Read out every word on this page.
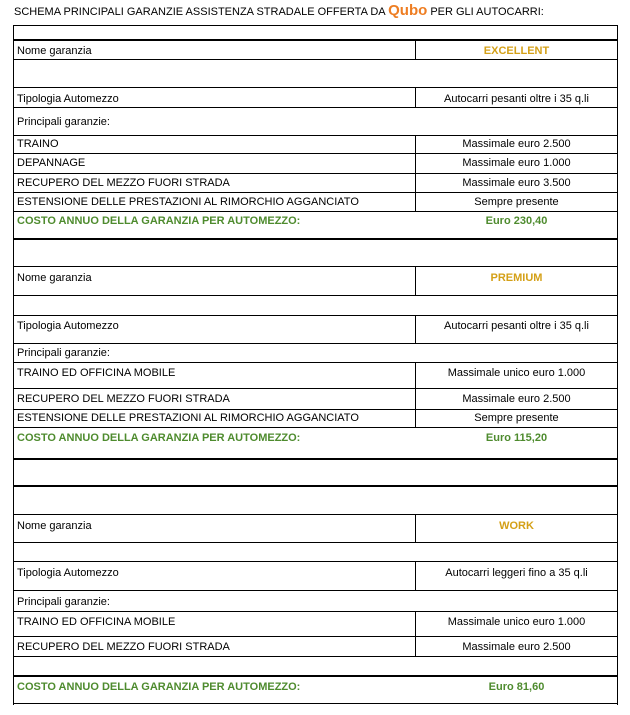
SCHEMA PRINCIPALI GARANZIE ASSISTENZA STRADALE OFFERTA DA Qubo PER GLI AUTOCARRI:
Nome garanzia	EXCELLENT
Tipologia Automezzo	Autocarri pesanti oltre i 35 q.li
Principali garanzie:
TRAINO	Massimale euro 2.500
DEPANNAGE	Massimale euro 1.000
RECUPERO DEL MEZZO FUORI STRADA	Massimale euro 3.500
ESTENSIONE DELLE PRESTAZIONI AL RIMORCHIO AGGANCIATO	Sempre presente
COSTO ANNUO DELLA GARANZIA PER AUTOMEZZO:	Euro 230,40
Nome garanzia	PREMIUM
Tipologia Automezzo	Autocarri pesanti oltre i 35 q.li
Principali garanzie:
TRAINO ED OFFICINA MOBILE	Massimale unico euro 1.000
RECUPERO DEL MEZZO FUORI STRADA	Massimale euro 2.500
ESTENSIONE DELLE PRESTAZIONI AL RIMORCHIO AGGANCIATO	Sempre presente
COSTO ANNUO DELLA GARANZIA PER AUTOMEZZO:	Euro 115,20
Nome garanzia	WORK
Tipologia Automezzo	Autocarri leggeri fino a 35 q.li
Principali garanzie:
TRAINO ED OFFICINA MOBILE	Massimale unico euro 1.000
RECUPERO DEL MEZZO FUORI STRADA	Massimale euro 2.500
COSTO ANNUO DELLA GARANZIA PER AUTOMEZZO:	Euro 81,60
